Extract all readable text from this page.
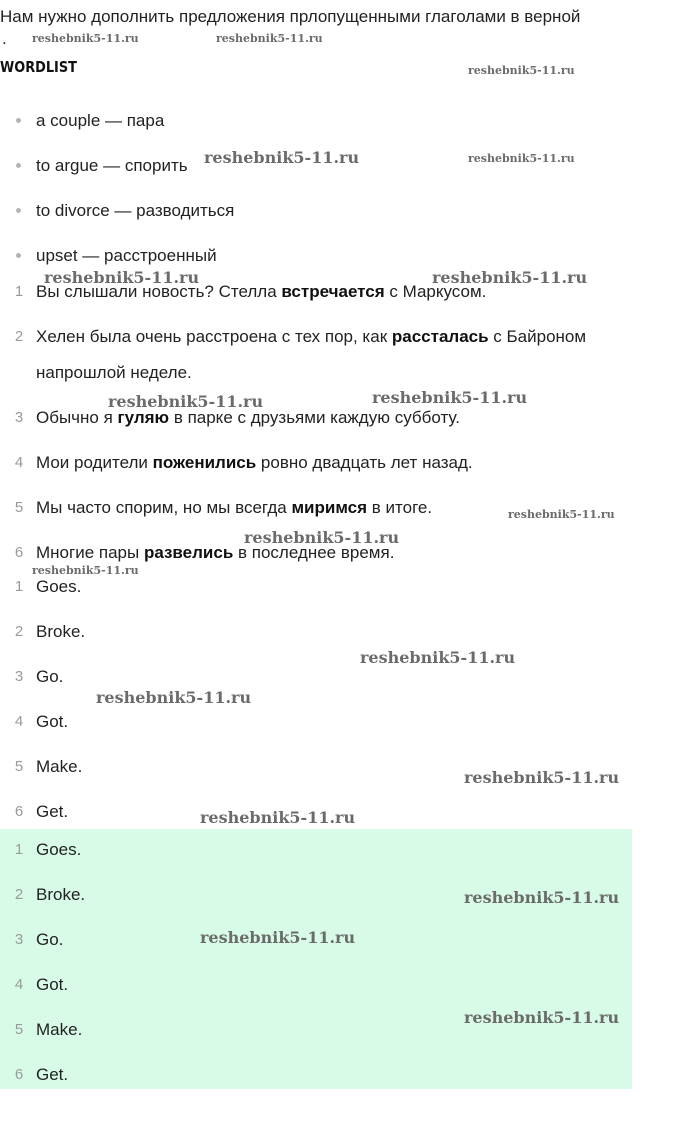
Нам нужно дополнить предложения прлопущенными глаголами в верной
.
WORDLIST
a couple — пара
to argue — спорить
to divorce — разводиться
upset — расстроенный
1 Вы слышали новость? Стелла встречается с Маркусом.
2 Хелен была очень расстроена с тех пор, как рассталась с Байроном напрошлой неделе.
3 Обычно я гуляю в парке с друзьями каждую субботу.
4 Мои родители поженились ровно двадцать лет назад.
5 Мы часто спорим, но мы всегда миримся в итоге.
6 Многие пары развелись в последнее время.
1 Goes.
2 Broke.
3 Go.
4 Got.
5 Make.
6 Get.
1 Goes.
2 Broke.
3 Go.
4 Got.
5 Make.
6 Get.
reshebnik5-11.ru	reshebnik5-11.ru
reshebnik5-11.ru
reshebnik5-11.ru	reshebnik5-11.ru
reshebnik5-11.ru	reshebnik5-11.ru
reshebnik5-11.ru	reshebnik5-11.ru
reshebnik5-11.ru
reshebnik5-11.ru
reshebnik5-11.ru
reshebnik5-11.ru
reshebnik5-11.ru
reshebnik5-11.ru
reshebnik5-11.ru
reshebnik5-11.ru
reshebnik5-11.ru
reshebnik5-11.ru
